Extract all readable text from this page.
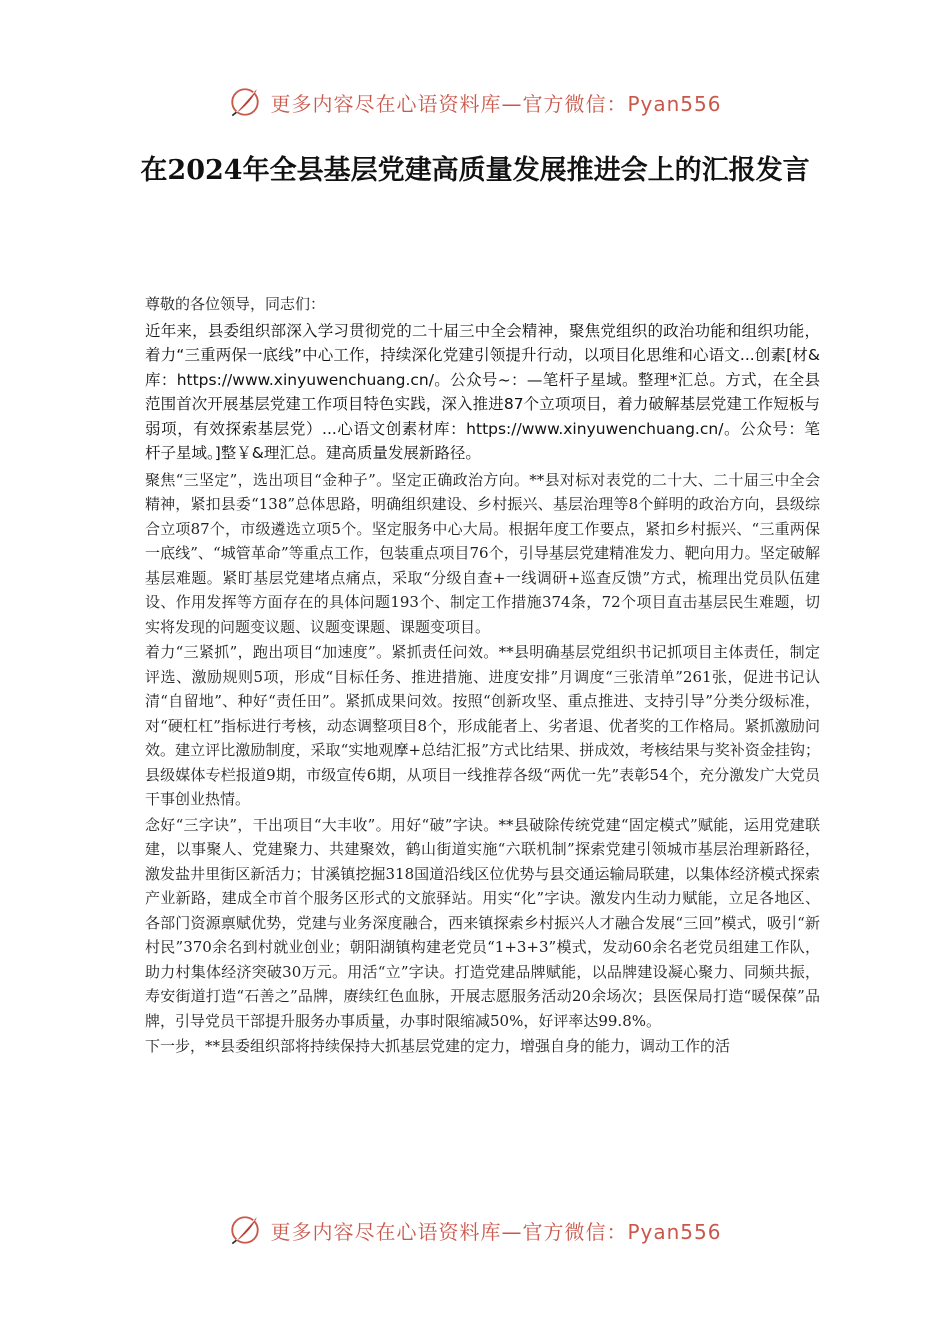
更多内容尽在心语资料库—官方微信：Pyan556
在2024年全县基层党建高质量发展推进会上的汇报发言

尊敬的各位领导，同志们：

近年来，县委组织部深入学习贯彻党的二十届三中全会精神，聚焦党组织的政治功能和组织功能，着力“三重两保一底线”中心工作，持续深化党建引领提升行动，以项目化思维和心语文...创素[材&库：https://www.xinyuwenchuang.cn/。公众号~：—笔杆子星域。整理*汇总。方式，在全县范围首次开展基层党建工作项目特色实践，深入推进87个立项项目，着力破解基层党建工作短板与弱项，有效探索基层党）...心语文创素材库：https://www.xinyuwenchuang.cn/。公众号：笔杆子星域。]整￥&理汇总。建高质量发展新路径。

聚焦“三坚定”，选出项目“金种子”。坚定正确政治方向。**县对标对表党的二十大、二十届三中全会精神，紧扣县委“138”总体思路，明确组织建设、乡村振兴、基层治理等8个鲜明的政治方向，县级综合立项87个，市级遴选立项5个。坚定服务中心大局。根据年度工作要点，紧扣乡村振兴、“三重两保一底线”、“城管革命”等重点工作，包装重点项目76个，引导基层党建精准发力、靶向用力。坚定破解基层难题。紧盯基层党建堵点痛点，采取“分级自查+一线调研+巡查反馈”方式，梳理出党员队伍建设、作用发挥等方面存在的具体问题193个、制定工作措施374条，72个项目直击基层民生难题，切实将发现的问题变议题、议题变课题、课题变项目。

着力“三紧抓”，跑出项目“加速度”。紧抓责任问效。**县明确基层党组织书记抓项目主体责任，制定评选、激励规则5项，形成“目标任务、推进措施、进度安排”月调度“三张清单”261张，促进书记认清“自留地”、种好“责任田”。紧抓成果问效。按照“创新攻坚、重点推进、支持引导”分类分级标准，对“硬杠杠”指标进行考核，动态调整项目8个，形成能者上、劣者退、优者奖的工作格局。紧抓激励问效。建立评比激励制度，采取“实地观摩+总结汇报”方式比结果、拼成效，考核结果与奖补资金挂钩；县级媒体专栏报道9期，市级宣传6期，从项目一线推荐各级“两优一先”表彰54个，充分激发广大党员干事创业热情。

念好“三字诀”，干出项目“大丰收”。用好“破”字诀。**县破除传统党建“固定模式”赋能，运用党建联建，以事聚人、党建聚力、共建聚效，鹤山街道实施“六联机制”探索党建引领城市基层治理新路径，激发盐井里街区新活力；甘溪镇挖掘318国道沿线区位优势与县交通运输局联建，以集体经济模式探索产业新路，建成全市首个服务区形式的文旅驿站。用实“化”字诀。激发内生动力赋能，立足各地区、各部门资源禀赋优势，党建与业务深度融合，西来镇探索乡村振兴人才融合发展“三回”模式，吸引“新村民”370余名到村就业创业；朝阳湖镇构建老党员“1+3+3”模式，发动60余名老党员组建工作队，助力村集体经济突破30万元。用活“立”字诀。打造党建品牌赋能，以品牌建设凝心聚力、同频共振，寿安街道打造“石善之”品牌，赓续红色血脉，开展志愿服务活动20余场次；县医保局打造“暖保葆”品牌，引导党员干部提升服务办事质量，办事时限缩减50%，好评率达99.8%。

下一步，**县委组织部将持续保持大抓基层党建的定力，增强自身的能力，调动工作的活

更多内容尽在心语资料库—官方微信：Pyan556
